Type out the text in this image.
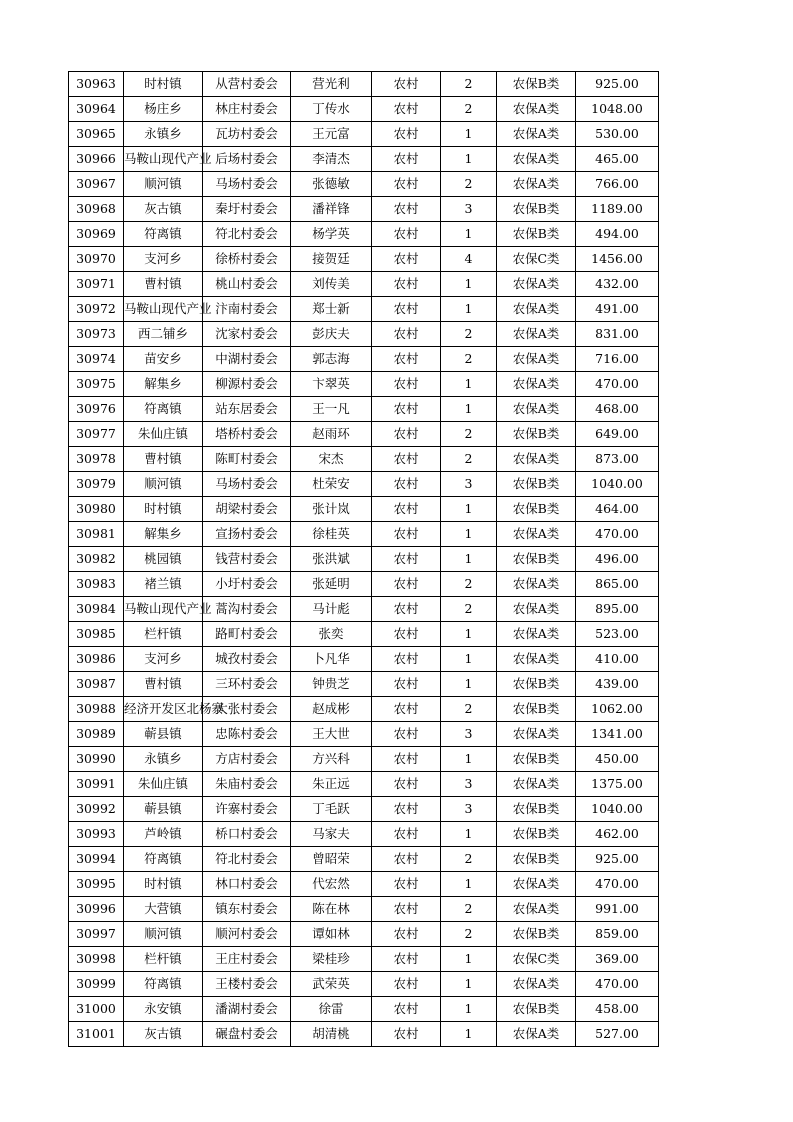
30963	时村镇	从营村委会	营光利	农村	2	农保B类	925.00
30964	杨庄乡	林庄村委会	丁传水	农村	2	农保A类	1048.00
30965	永镇乡	瓦坊村委会	王元富	农村	1	农保A类	530.00
30966	马鞍山现代产业	后场村委会	李清杰	农村	1	农保A类	465.00
30967	顺河镇	马场村委会	张德敏	农村	2	农保A类	766.00
30968	灰古镇	秦圩村委会	潘祥锋	农村	3	农保B类	1189.00
30969	符离镇	符北村委会	杨学英	农村	1	农保B类	494.00
30970	支河乡	徐桥村委会	接贺廷	农村	4	农保C类	1456.00
30971	曹村镇	桃山村委会	刘传美	农村	1	农保A类	432.00
30972	马鞍山现代产业	汴南村委会	郑士新	农村	1	农保A类	491.00
30973	西二铺乡	沈家村委会	彭庆夫	农村	2	农保A类	831.00
30974	苗安乡	中湖村委会	郭志海	农村	2	农保A类	716.00
30975	解集乡	柳源村委会	卞翠英	农村	1	农保A类	470.00
30976	符离镇	站东居委会	王一凡	农村	1	农保A类	468.00
30977	朱仙庄镇	塔桥村委会	赵雨环	农村	2	农保B类	649.00
30978	曹村镇	陈町村委会	宋杰	农村	2	农保A类	873.00
30979	顺河镇	马场村委会	杜荣安	农村	3	农保B类	1040.00
30980	时村镇	胡梁村委会	张计岚	农村	1	农保B类	464.00
30981	解集乡	宣扬村委会	徐桂英	农村	1	农保A类	470.00
30982	桃园镇	钱营村委会	张洪斌	农村	1	农保B类	496.00
30983	褚兰镇	小圩村委会	张延明	农村	2	农保A类	865.00
30984	马鞍山现代产业	蒿沟村委会	马计彪	农村	2	农保A类	895.00
30985	栏杆镇	路町村委会	张奕	农村	1	农保A类	523.00
30986	支河乡	城孜村委会	卜凡华	农村	1	农保A类	410.00
30987	曹村镇	三环村委会	钟贵芝	农村	1	农保B类	439.00
30988	经济开发区北杨寨	大张村委会	赵成彬	农村	2	农保B类	1062.00
30989	蕲县镇	忠陈村委会	王大世	农村	3	农保A类	1341.00
30990	永镇乡	方店村委会	方兴科	农村	1	农保B类	450.00
30991	朱仙庄镇	朱庙村委会	朱正远	农村	3	农保A类	1375.00
30992	蕲县镇	许寨村委会	丁毛跃	农村	3	农保B类	1040.00
30993	芦岭镇	桥口村委会	马家夫	农村	1	农保B类	462.00
30994	符离镇	符北村委会	曾昭荣	农村	2	农保B类	925.00
30995	时村镇	林口村委会	代宏然	农村	1	农保A类	470.00
30996	大营镇	镇东村委会	陈在林	农村	2	农保A类	991.00
30997	顺河镇	顺河村委会	谭如林	农村	2	农保B类	859.00
30998	栏杆镇	王庄村委会	梁桂珍	农村	1	农保C类	369.00
30999	符离镇	王楼村委会	武荣英	农村	1	农保A类	470.00
31000	永安镇	潘湖村委会	徐雷	农村	1	农保B类	458.00
31001	灰古镇	碾盘村委会	胡清桃	农村	1	农保A类	527.00
